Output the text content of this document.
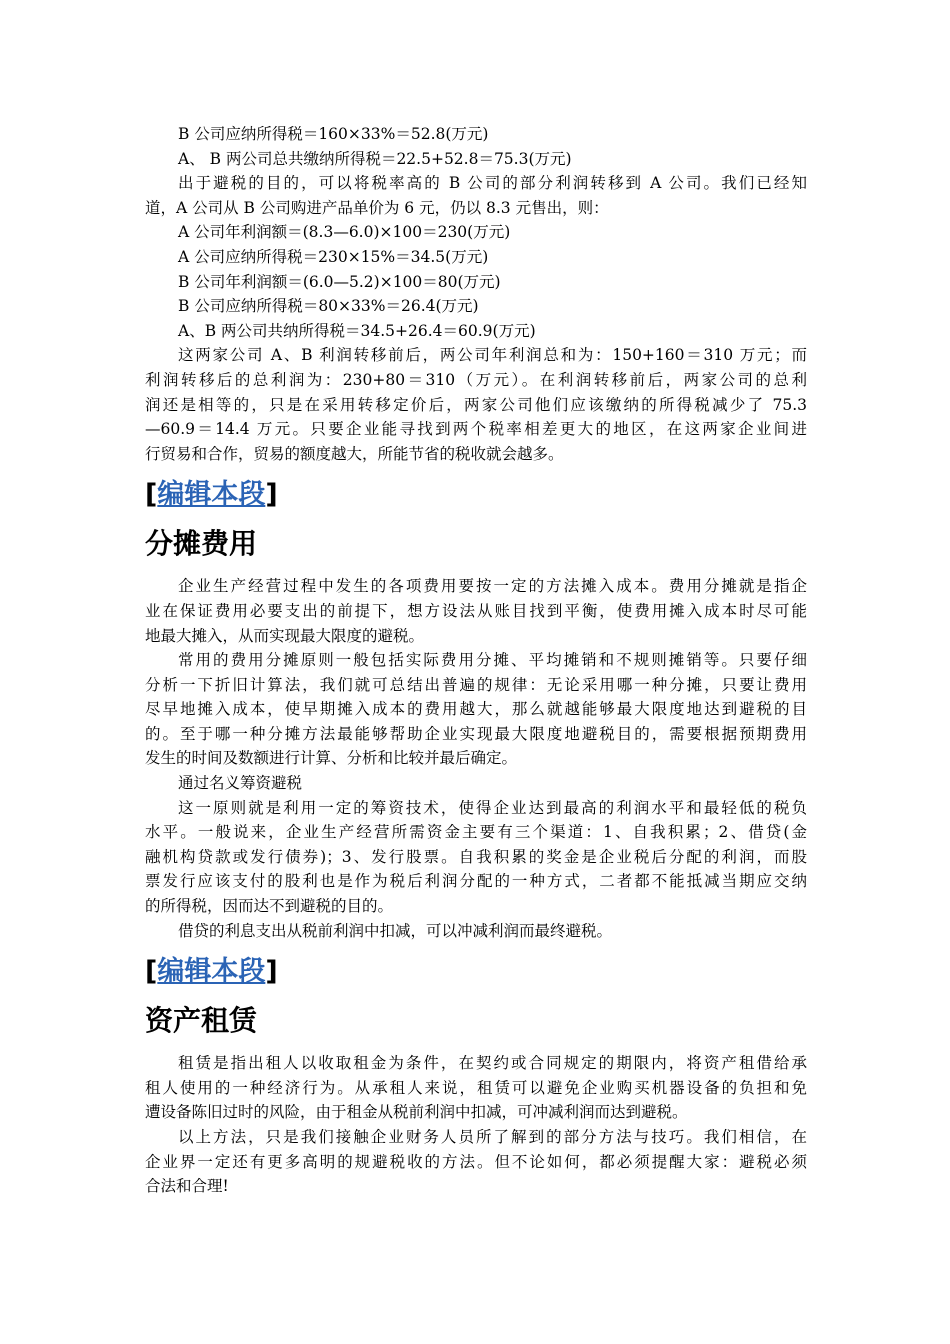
B 公司应纳所得税＝160×33%＝52.8(万元)
A、 B 两公司总共缴纳所得税＝22.5+52.8＝75.3(万元)
出于避税的目的，可以将税率高的 B 公司的部分利润转移到 A 公司。我们已经知
道，A 公司从 B 公司购进产品单价为 6 元，仍以 8.3 元售出，则：
A 公司年利润额＝(8.3—6.0)×100＝230(万元)
A 公司应纳所得税＝230×15%＝34.5(万元)
B 公司年利润额＝(6.0—5.2)×100＝80(万元)
B 公司应纳所得税＝80×33%＝26.4(万元)
A、B 两公司共纳所得税＝34.5+26.4＝60.9(万元)
这两家公司 A、B 利润转移前后，两公司年利润总和为：150+160＝310 万元；而
利润转移后的总利润为：230+80＝310（万元）。在利润转移前后，两家公司的总利
润还是相等的，只是在采用转移定价后，两家公司他们应该缴纳的所得税减少了 75.3
—60.9＝14.4 万元。只要企业能寻找到两个税率相差更大的地区，在这两家企业间进
行贸易和合作，贸易的额度越大，所能节省的税收就会越多。
[编辑本段]
分摊费用
企业生产经营过程中发生的各项费用要按一定的方法摊入成本。费用分摊就是指企
业在保证费用必要支出的前提下，想方设法从账目找到平衡，使费用摊入成本时尽可能
地最大摊入，从而实现最大限度的避税。
常用的费用分摊原则一般包括实际费用分摊、平均摊销和不规则摊销等。只要仔细
分析一下折旧计算法，我们就可总结出普遍的规律：无论采用哪一种分摊，只要让费用
尽早地摊入成本，使早期摊入成本的费用越大，那么就越能够最大限度地达到避税的目
的。至于哪一种分摊方法最能够帮助企业实现最大限度地避税目的，需要根据预期费用
发生的时间及数额进行计算、分析和比较并最后确定。
通过名义筹资避税
这一原则就是利用一定的筹资技术，使得企业达到最高的利润水平和最轻低的税负
水平。一般说来，企业生产经营所需资金主要有三个渠道：1、自我积累；2、借贷(金
融机构贷款或发行债券)；3、发行股票。自我积累的奖金是企业税后分配的利润，而股
票发行应该支付的股利也是作为税后利润分配的一种方式，二者都不能抵减当期应交纳
的所得税，因而达不到避税的目的。
借贷的利息支出从税前利润中扣减，可以冲减利润而最终避税。
[编辑本段]
资产租赁
租赁是指出租人以收取租金为条件，在契约或合同规定的期限内，将资产租借给承
租人使用的一种经济行为。从承租人来说，租赁可以避免企业购买机器设备的负担和免
遭设备陈旧过时的风险，由于租金从税前利润中扣减，可冲减利润而达到避税。
以上方法，只是我们接触企业财务人员所了解到的部分方法与技巧。我们相信，在
企业界一定还有更多高明的规避税收的方法。但不论如何，都必须提醒大家：避税必须
合法和合理!
